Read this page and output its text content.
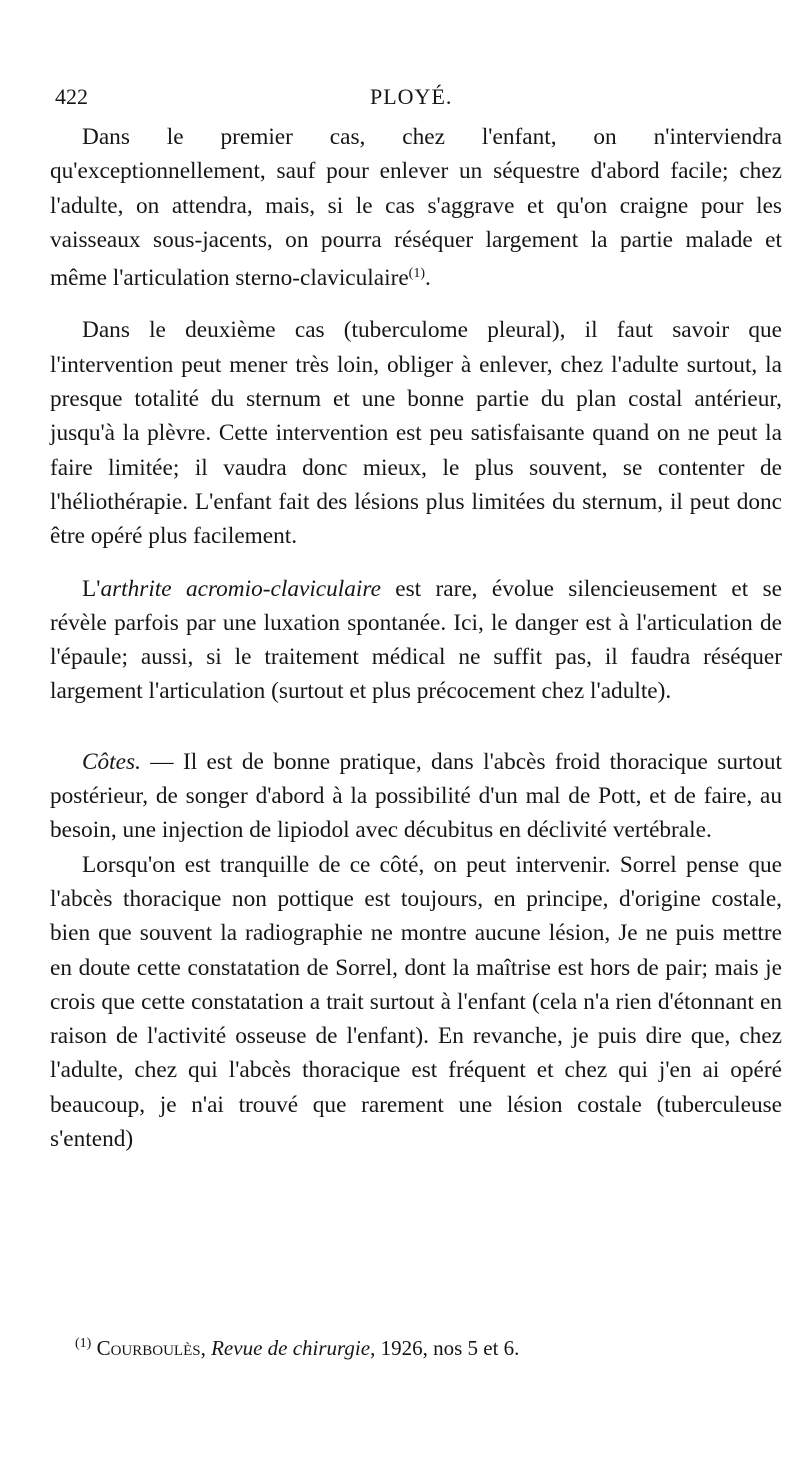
422	PLOYÉ.

Dans le premier cas, chez l'enfant, on n'interviendra qu'exceptionnellement, sauf pour enlever un séquestre d'abord facile; chez l'adulte, on attendra, mais, si le cas s'aggrave et qu'on craigne pour les vaisseaux sous-jacents, on pourra réséquer largement la partie malade et même l'articulation sterno-claviculaire$^{(1)}$.

Dans le deuxième cas (tuberculome pleural), il faut savoir que l'intervention peut mener très loin, obliger à enlever, chez l'adulte surtout, la presque totalité du sternum et une bonne partie du plan costal antérieur, jusqu'à la plèvre. Cette intervention est peu satisfaisante quand on ne peut la faire limitée; il vaudra donc mieux, le plus souvent, se contenter de l'héliothérapie. L'enfant fait des lésions plus limitées du sternum, il peut donc être opéré plus facilement.

L'arthrite acromio-claviculaire est rare, évolue silencieusement et se révèle parfois par une luxation spontanée. Ici, le danger est à l'articulation de l'épaule; aussi, si le traitement médical ne suffit pas, il faudra réséquer largement l'articulation (surtout et plus précocement chez l'adulte).

Côtes. — Il est de bonne pratique, dans l'abcès froid thoracique surtout postérieur, de songer d'abord à la possibilité d'un mal de Pott, et de faire, au besoin, une injection de lipiodol avec décubitus en déclivité vertébrale.

Lorsqu'on est tranquille de ce côté, on peut intervenir. Sorrel pense que l'abcès thoracique non pottique est toujours, en principe, d'origine costale, bien que souvent la radiographie ne montre aucune lésion, Je ne puis mettre en doute cette constatation de Sorrel, dont la maîtrise est hors de pair; mais je crois que cette constatation a trait surtout à l'enfant (cela n'a rien d'étonnant en raison de l'activité osseuse de l'enfant). En revanche, je puis dire que, chez l'adulte, chez qui l'abcès thoracique est fréquent et chez qui j'en ai opéré beaucoup, je n'ai trouvé que rarement une lésion costale (tuberculeuse s'entend)

$^{(1)}$ Courboulès, Revue de chirurgie, 1926, nos 5 et 6.
